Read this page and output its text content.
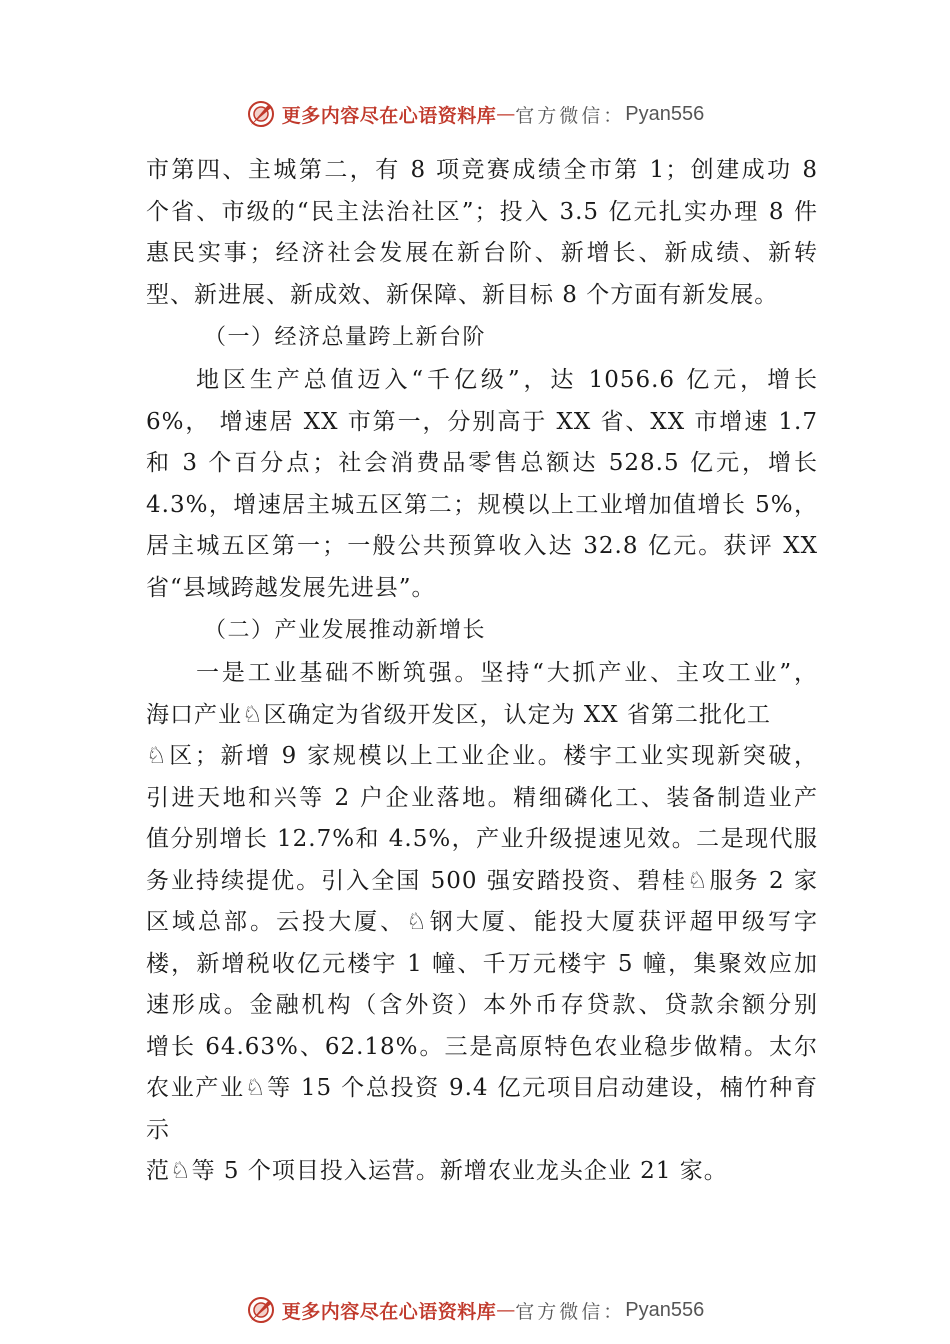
更多内容尽在心语资料库 — 官方微信： Pyan556
市第四、主城第二，有 8 项竞赛成绩全市第 1；创建成功 8
个省、市级的“民主法治社区”；投入 3.5 亿元扎实办理 8 件
惠民实事；经济社会发展在新台阶、新增长、新成绩、新转
型、新进展、新成效、新保障、新目标 8 个方面有新发展。
（一）经济总量跨上新台阶
地区生产总值迈入“千亿级”，达 1056.6 亿元，增长
6%， 增速居 XX 市第一，分别高于 XX 省、XX 市增速 1.7
和 3 个百分点；社会消费品零售总额达 528.5 亿元，增长
4.3%，增速居主城五区第二；规模以上工业增加值增长 5%，
居主城五区第一；一般公共预算收入达 32.8 亿元。获评 XX
省“县域跨越发展先进县”。
（二）产业发展推动新增长
一是工业基础不断筑强。坚持“大抓产业、主攻工业”，
海口产业♘区确定为省级开发区，认定为 XX 省第二批化工
♘区；新增 9 家规模以上工业企业。楼宇工业实现新突破，
引进天地和兴等 2 户企业落地。精细磷化工、装备制造业产
值分别增长 12.7%和 4.5%，产业升级提速见效。二是现代服
务业持续提优。引入全国 500 强安踏投资、碧桂♘服务 2 家
区域总部。云投大厦、♘钢大厦、能投大厦获评超甲级写字
楼，新增税收亿元楼宇 1 幢、千万元楼宇 5 幢，集聚效应加
速形成。金融机构（含外资）本外币存贷款、贷款余额分别
增长 64.63%、62.18%。三是高原特色农业稳步做精。太尔
农业产业♘等 15 个总投资 9.4 亿元项目启动建设，楠竹种育
示
范♘等 5 个项目投入运营。新增农业龙头企业 21 家。
更多内容尽在心语资料库 — 官方微信： Pyan556
